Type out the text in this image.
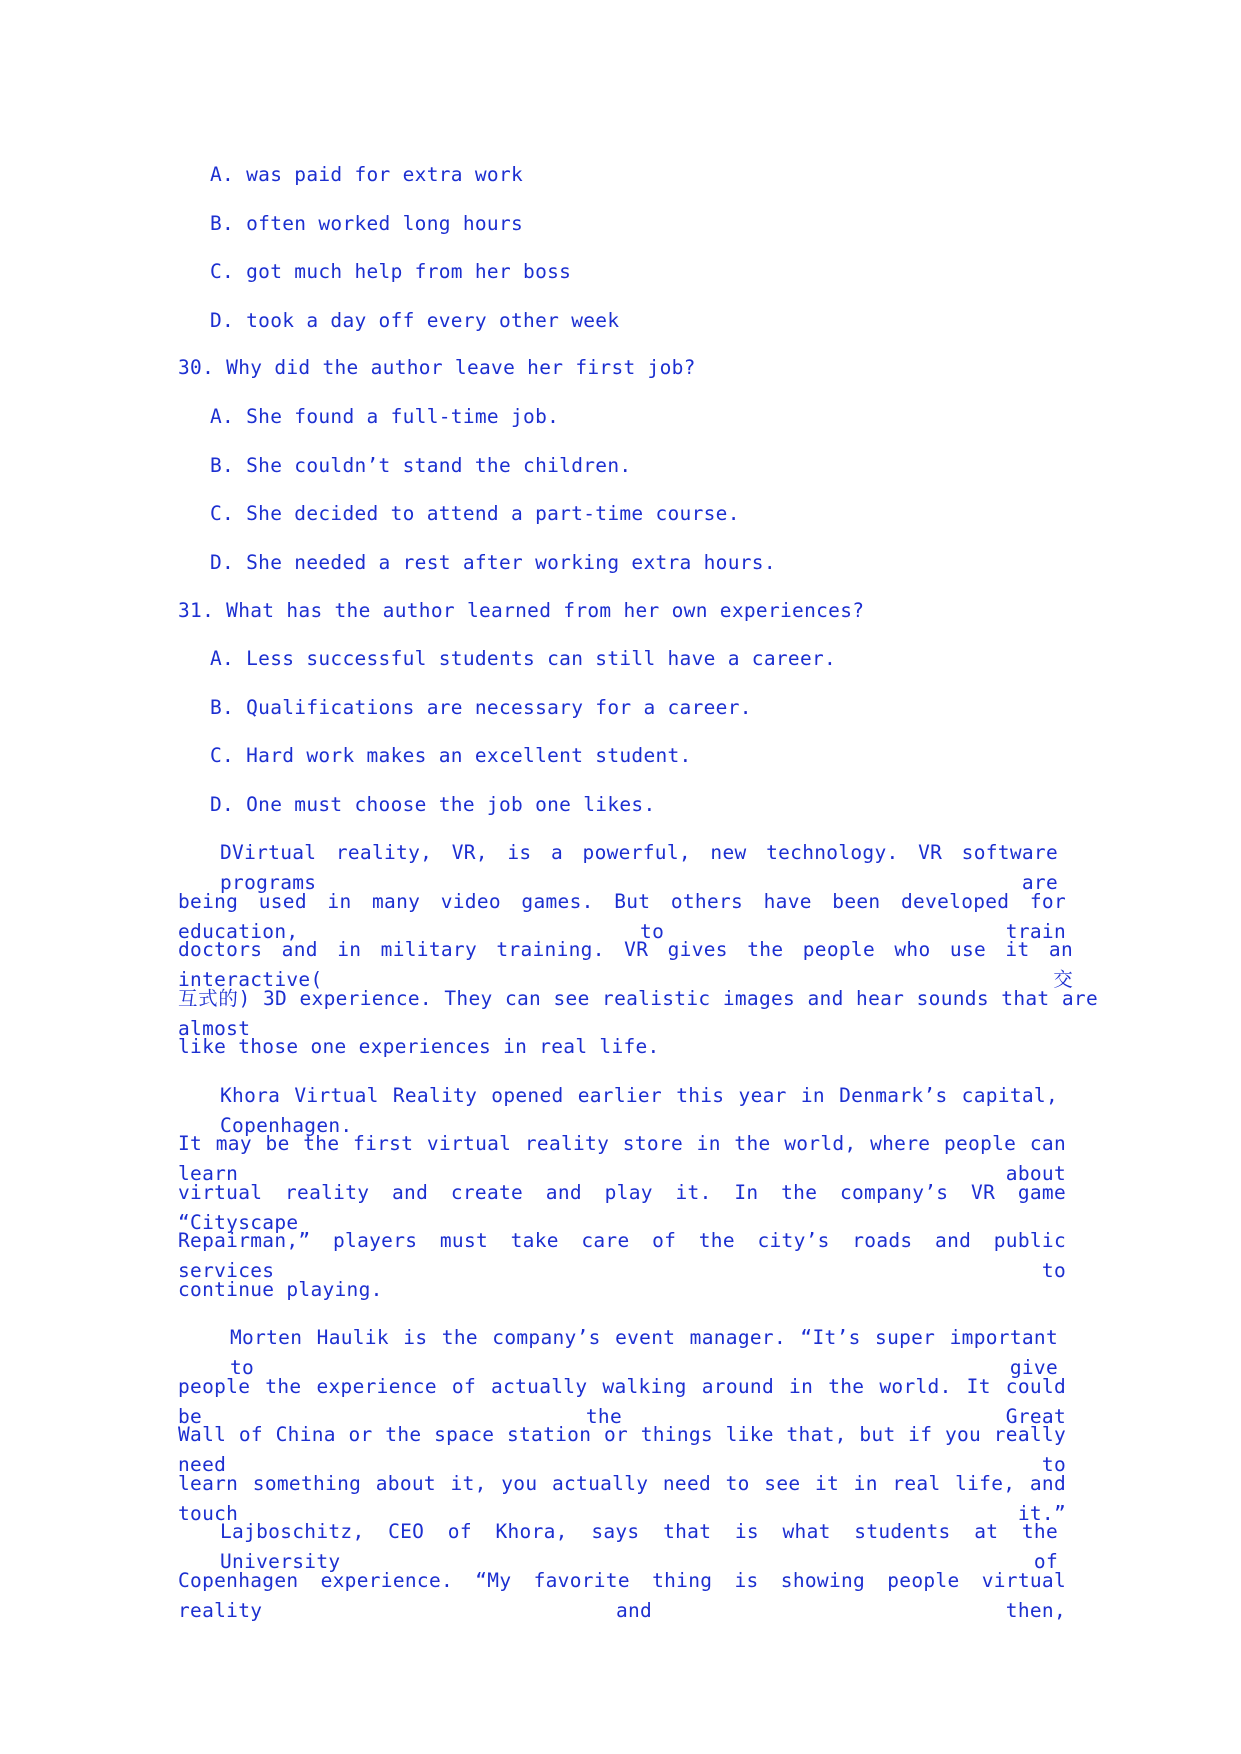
A. was paid for extra work
B. often worked long hours
C. got much help from her boss
D. took a day off every other week
30. Why did the author leave her first job?
A. She found a full-time job.
B. She couldn’t stand the children.
C. She decided to attend a part-time course.
D. She needed a rest after working extra hours.
31. What has the author learned from her own experiences?
A. Less successful students can still have a career.
B. Qualifications are necessary for a career.
C. Hard work makes an excellent student.
D. One must choose the job one likes.
DVirtual reality, VR, is a powerful, new technology. VR software programs are
being used in many video games. But others have been developed for education, to train
doctors and in military training. VR gives the people who use it an interactive(交
互式的) 3D experience. They can see realistic images and hear sounds that are almost
like those one experiences in real life.
Khora Virtual Reality opened earlier this year in Denmark’s capital, Copenhagen.
It may be the first virtual reality store in the world, where people can learn about
virtual reality and create and play it. In the company’s VR game “Cityscape
Repairman,” players must take care of the city’s roads and public services to
continue playing.
Morten Haulik is the company’s event manager. “It’s super important to give
people the experience of actually walking around in the world. It could be the Great
Wall of China or the space station or things like that, but if you really need to
learn something about it, you actually need to see it in real life, and touch it.”
Lajboschitz, CEO of Khora, says that is what students at the University of
Copenhagen experience. “My favorite thing is showing people virtual reality and then,
